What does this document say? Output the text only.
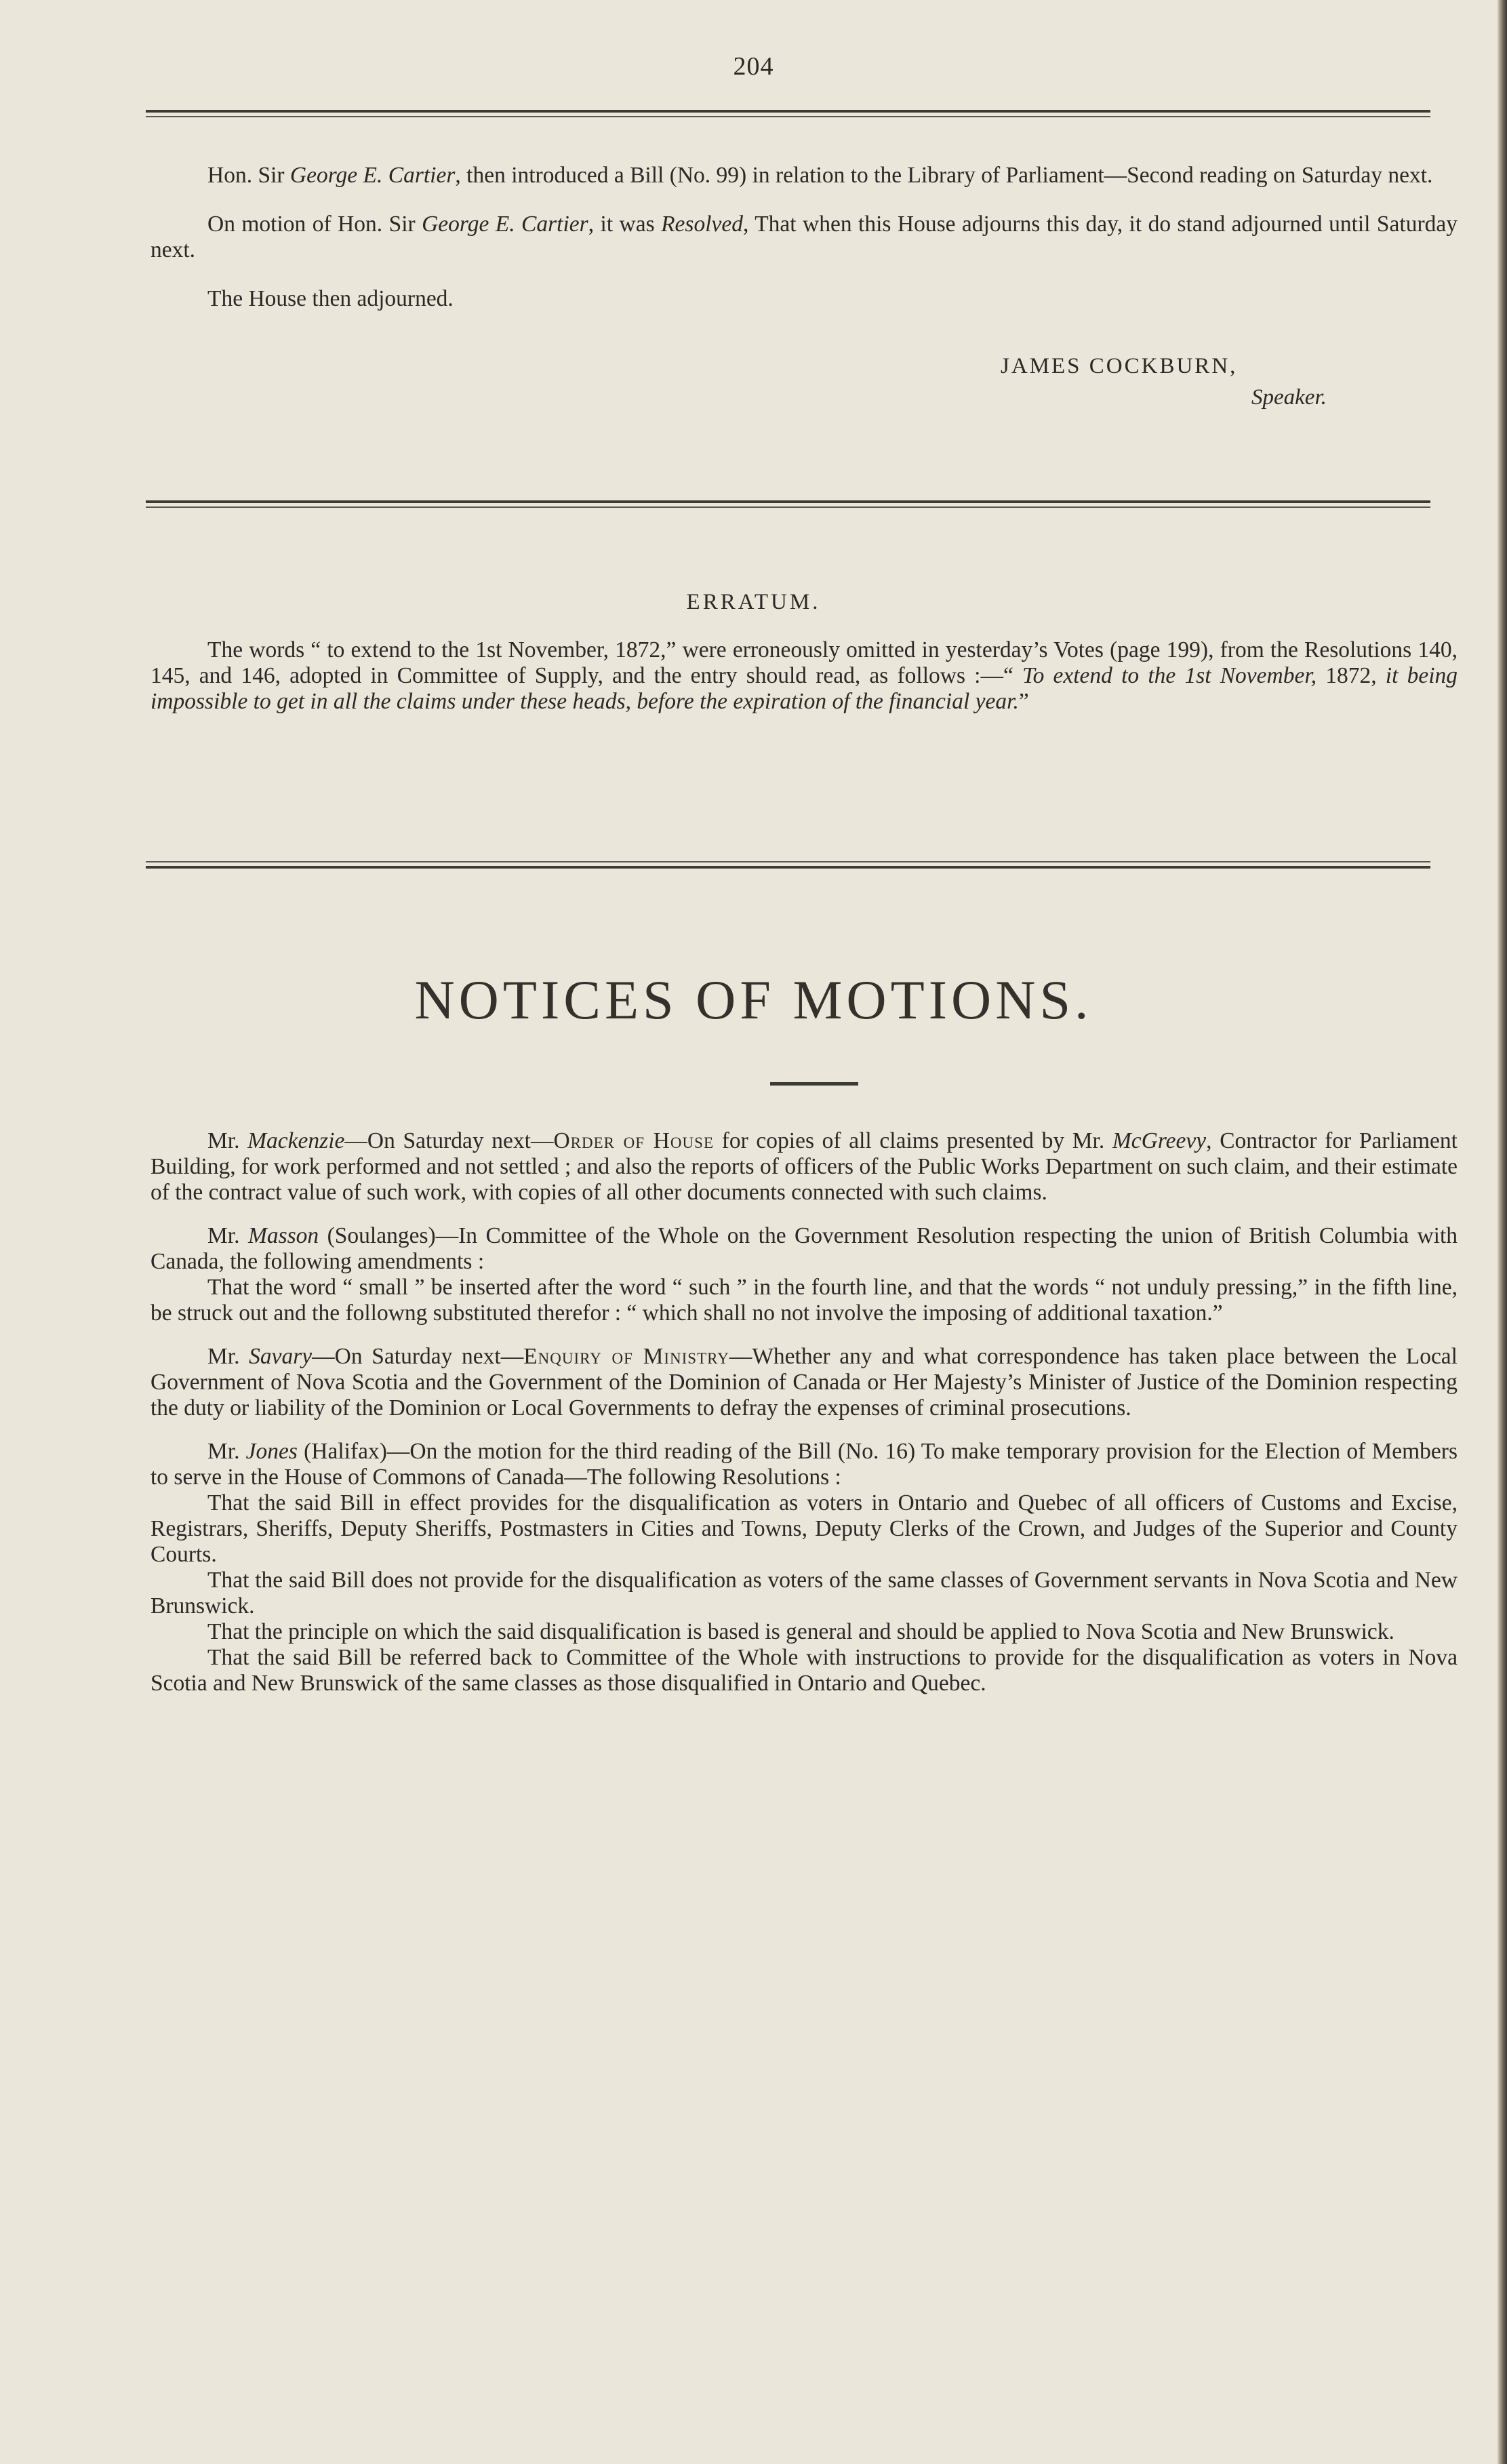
204

Hon. Sir George E. Cartier, then introduced a Bill (No. 99) in relation to the Library of Parliament—Second reading on Saturday next.

On motion of Hon. Sir George E. Cartier, it was Resolved, That when this House adjourns this day, it do stand adjourned until Saturday next.

The House then adjourned.

JAMES COCKBURN,
Speaker.
ERRATUM.

The words “ to extend to the 1st November, 1872,” were erroneously omitted in yesterday’s Votes (page 199), from the Resolutions 140, 145, and 146, adopted in Committee of Supply, and the entry should read, as follows :—“ To extend to the 1st November, 1872, it being impossible to get in all the claims under these heads, before the expiration of the financial year.”

NOTICES OF MOTIONS.

Mr. Mackenzie—On Saturday next—Order of House for copies of all claims presented by Mr. McGreevy, Contractor for Parliament Building, for work performed and not settled ; and also the reports of officers of the Public Works Department on such claim, and their estimate of the contract value of such work, with copies of all other documents connected with such claims.

Mr. Masson (Soulanges)—In Committee of the Whole on the Government Resolution respecting the union of British Columbia with Canada, the following amendments :

That the word “ small ” be inserted after the word “ such ” in the fourth line, and that the words “ not unduly pressing,” in the fifth line, be struck out and the followng substituted therefor : “ which shall no not involve the imposing of additional taxation.”

Mr. Savary—On Saturday next—Enquiry of Ministry—Whether any and what correspondence has taken place between the Local Government of Nova Scotia and the Government of the Dominion of Canada or Her Majesty’s Minister of Justice of the Dominion respecting the duty or liability of the Dominion or Local Governments to defray the expenses of criminal prosecutions.

Mr. Jones (Halifax)—On the motion for the third reading of the Bill (No. 16) To make temporary provision for the Election of Members to serve in the House of Commons of Canada—The following Resolutions :

That the said Bill in effect provides for the disqualification as voters in Ontario and Quebec of all officers of Customs and Excise, Registrars, Sheriffs, Deputy Sheriffs, Postmasters in Cities and Towns, Deputy Clerks of the Crown, and Judges of the Superior and County Courts.

That the said Bill does not provide for the disqualification as voters of the same classes of Government servants in Nova Scotia and New Brunswick.

That the principle on which the said disqualification is based is general and should be applied to Nova Scotia and New Brunswick.

That the said Bill be referred back to Committee of the Whole with instructions to provide for the disqualification as voters in Nova Scotia and New Brunswick of the same classes as those disqualified in Ontario and Quebec.
